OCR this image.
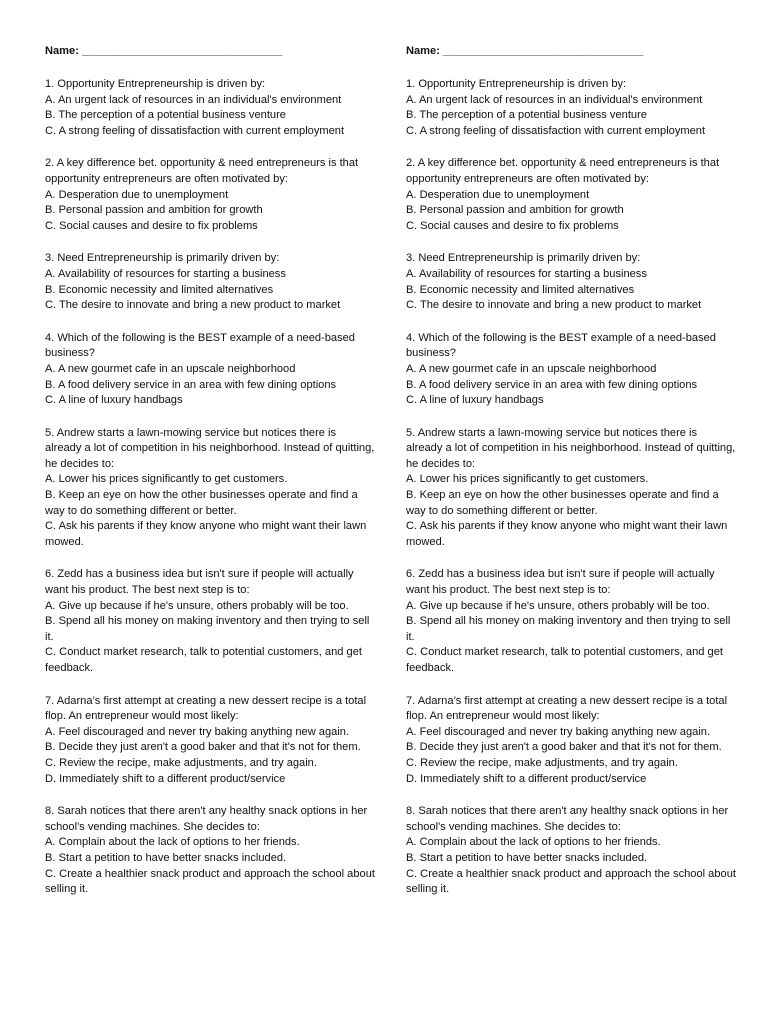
Name: _______________________________
1. Opportunity Entrepreneurship is driven by:
A. An urgent lack of resources in an individual's environment
B. The perception of a potential business venture
C. A strong feeling of dissatisfaction with current employment
2. A key difference bet. opportunity & need entrepreneurs is that opportunity entrepreneurs are often motivated by:
A. Desperation due to unemployment
B. Personal passion and ambition for growth
C. Social causes and desire to fix problems
3. Need Entrepreneurship is primarily driven by:
A. Availability of resources for starting a business
B. Economic necessity and limited alternatives
C. The desire to innovate and bring a new product to market
4. Which of the following is the BEST example of a need-based business?
A. A new gourmet cafe in an upscale neighborhood
B. A food delivery service in an area with few dining options
C. A line of luxury handbags
5. Andrew starts a lawn-mowing service but notices there is already a lot of competition in his neighborhood. Instead of quitting, he decides to:
A. Lower his prices significantly to get customers.
B. Keep an eye on how the other businesses operate and find a way to do something different or better.
C. Ask his parents if they know anyone who might want their lawn mowed.
6. Zedd has a business idea but isn't sure if people will actually want his product. The best next step is to:
A. Give up because if he's unsure, others probably will be too.
B. Spend all his money on making inventory and then trying to sell it.
C. Conduct market research, talk to potential customers, and get feedback.
7. Adarna’s first attempt at creating a new dessert recipe is a total flop. An entrepreneur would most likely:
A. Feel discouraged and never try baking anything new again.
B. Decide they just aren't a good baker and that it's not for them.
C. Review the recipe, make adjustments, and try again.
D. Immediately shift to a different product/service
8. Sarah notices that there aren't any healthy snack options in her school's vending machines. She decides to:
A. Complain about the lack of options to her friends.
B. Start a petition to have better snacks included.
C. Create a healthier snack product and approach the school about selling it.
Name: _______________________________
1. Opportunity Entrepreneurship is driven by:
A. An urgent lack of resources in an individual's environment
B. The perception of a potential business venture
C. A strong feeling of dissatisfaction with current employment
2. A key difference bet. opportunity & need entrepreneurs is that opportunity entrepreneurs are often motivated by:
A. Desperation due to unemployment
B. Personal passion and ambition for growth
C. Social causes and desire to fix problems
3. Need Entrepreneurship is primarily driven by:
A. Availability of resources for starting a business
B. Economic necessity and limited alternatives
C. The desire to innovate and bring a new product to market
4. Which of the following is the BEST example of a need-based business?
A. A new gourmet cafe in an upscale neighborhood
B. A food delivery service in an area with few dining options
C. A line of luxury handbags
5. Andrew starts a lawn-mowing service but notices there is already a lot of competition in his neighborhood. Instead of quitting, he decides to:
A. Lower his prices significantly to get customers.
B. Keep an eye on how the other businesses operate and find a way to do something different or better.
C. Ask his parents if they know anyone who might want their lawn mowed.
6. Zedd has a business idea but isn't sure if people will actually want his product. The best next step is to:
A. Give up because if he's unsure, others probably will be too.
B. Spend all his money on making inventory and then trying to sell it.
C. Conduct market research, talk to potential customers, and get feedback.
7. Adarna’s first attempt at creating a new dessert recipe is a total flop. An entrepreneur would most likely:
A. Feel discouraged and never try baking anything new again.
B. Decide they just aren't a good baker and that it's not for them.
C. Review the recipe, make adjustments, and try again.
D. Immediately shift to a different product/service
8. Sarah notices that there aren't any healthy snack options in her school's vending machines. She decides to:
A. Complain about the lack of options to her friends.
B. Start a petition to have better snacks included.
C. Create a healthier snack product and approach the school about selling it.
